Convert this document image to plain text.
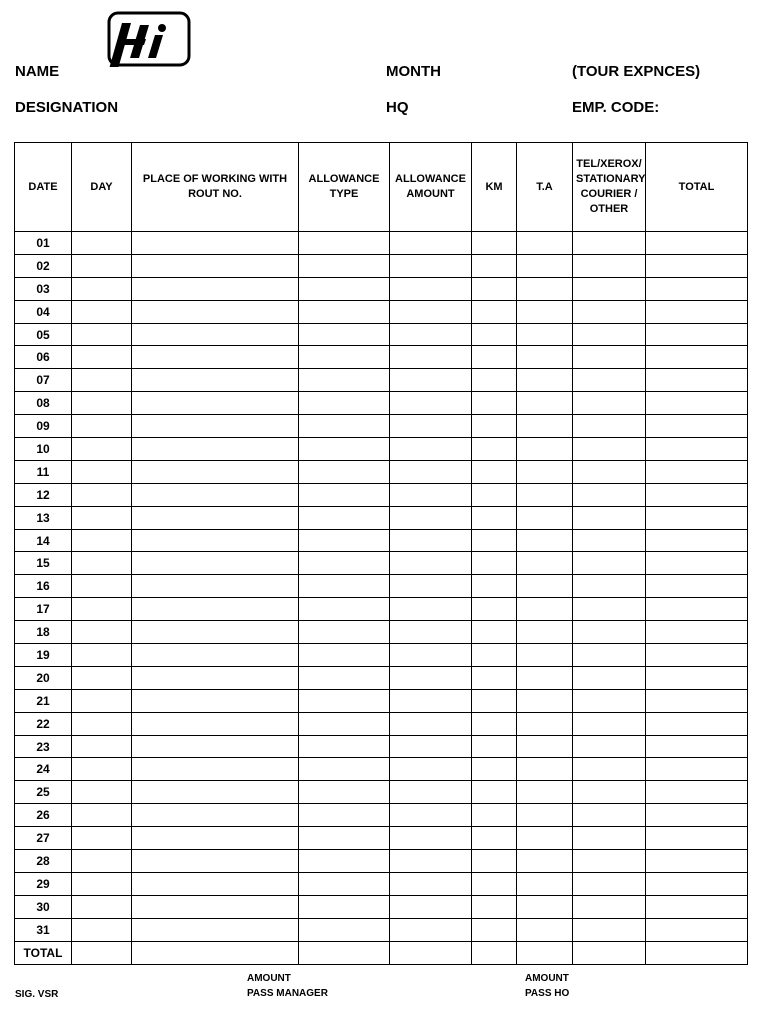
NAME	MONTH	(TOUR EXPNCES)
DESIGNATION	HQ	EMP. CODE:
DATE	DAY	PLACE OF WORKING WITH ROUT NO.	ALLOWANCE TYPE	ALLOWANCE AMOUNT	KM	T.A	TEL/XEROX/ STATIONARY COURIER / OTHER	TOTAL
01								
02								
03								
04								
05								
06								
07								
08								
09								
10								
11								
12								
13								
14								
15								
16								
17								
18								
19								
20								
21								
22								
23								
24								
25								
26								
27								
28								
29								
30								
31								
TOTAL								
SIG. VSR
AMOUNT
PASS MANAGER
AMOUNT
PASS HO
